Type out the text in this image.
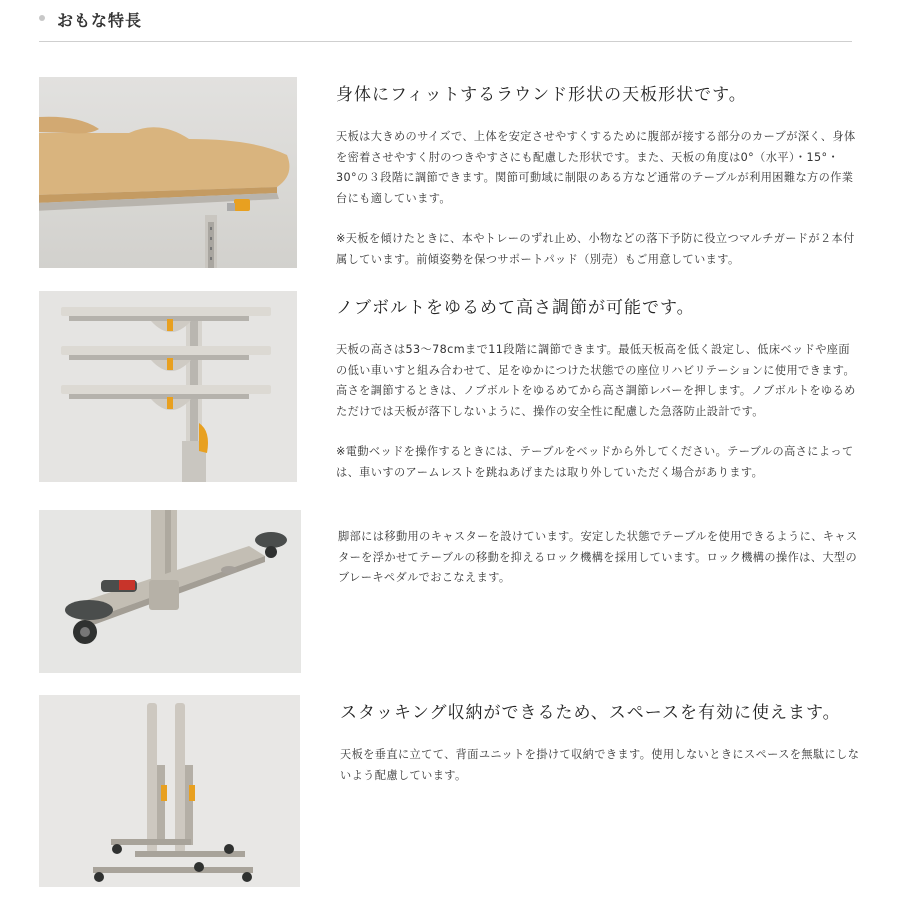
おもな特長
身体にフィットするラウンド形状の天板形状です。

天板は大きめのサイズで、上体を安定させやすくするために腹部が接する部分のカーブが深く、身体を密着させやすく肘のつきやすさにも配慮した形状です。また、天板の角度は0°（水平）・15°・30°の３段階に調節できます。関節可動域に制限のある方など通常のテーブルが利用困難な方の作業台にも適しています。

※天板を傾けたときに、本やトレーのずれ止め、小物などの落下予防に役立つマルチガードが２本付属しています。前傾姿勢を保つサポートパッド（別売）もご用意しています。

ノブボルトをゆるめて高さ調節が可能です。

天板の高さは53〜78cmまで11段階に調節できます。最低天板高を低く設定し、低床ベッドや座面の低い車いすと組み合わせて、足をゆかにつけた状態での座位リハビリテーションに使用できます。高さを調節するときは、ノブボルトをゆるめてから高さ調節レバーを押します。ノブボルトをゆるめただけでは天板が落下しないように、操作の安全性に配慮した急落防止設計です。

※電動ベッドを操作するときには、テーブルをベッドから外してください。テーブルの高さによっては、車いすのアームレストを跳ねあげまたは取り外していただく場合があります。

脚部には移動用のキャスターを設けています。安定した状態でテーブルを使用できるように、キャスターを浮かせてテーブルの移動を抑えるロック機構を採用しています。ロック機構の操作は、大型のブレーキペダルでおこなえます。

スタッキング収納ができるため、スペースを有効に使えます。

天板を垂直に立てて、背面ユニットを掛けて収納できます。使用しないときにスペースを無駄にしないよう配慮しています。
